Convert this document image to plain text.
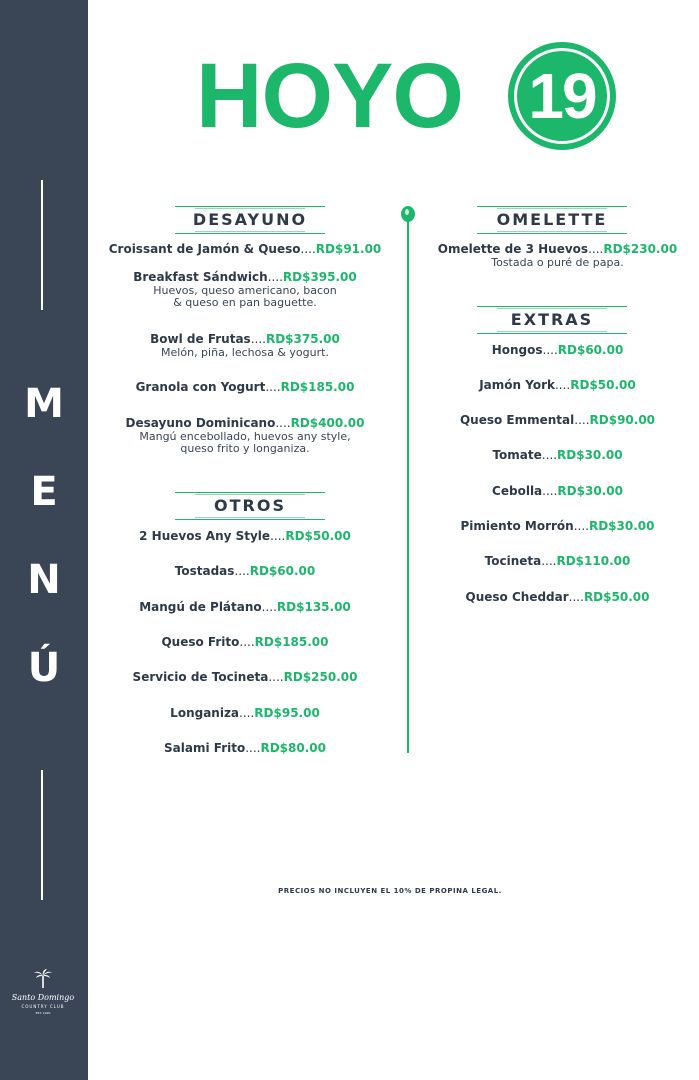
M
E
N
Ú
Santo Domingo
COUNTRY CLUB
EST. 1920
HOYO	19
DESAYUNO
Croissant de Jamón & Queso....RD$91.00
Breakfast Sándwich....RD$395.00
Huevos, queso americano, bacon
& queso en pan baguette.
Bowl de Frutas....RD$375.00
Melón, piña, lechosa & yogurt.
Granola con Yogurt....RD$185.00
Desayuno Dominicano....RD$400.00
Mangú encebollado, huevos any style,
queso frito y longaniza.
OTROS
2 Huevos Any Style....RD$50.00
Tostadas....RD$60.00
Mangú de Plátano....RD$135.00
Queso Frito....RD$185.00
Servicio de Tocineta....RD$250.00
Longaniza....RD$95.00
Salami Frito....RD$80.00
OMELETTE
Omelette de 3 Huevos....RD$230.00
Tostada o puré de papa.
EXTRAS
Hongos....RD$60.00
Jamón York....RD$50.00
Queso Emmental....RD$90.00
Tomate....RD$30.00
Cebolla....RD$30.00
Pimiento Morrón....RD$30.00
Tocineta....RD$110.00
Queso Cheddar....RD$50.00
PRECIOS NO INCLUYEN EL 10% DE PROPINA LEGAL.
